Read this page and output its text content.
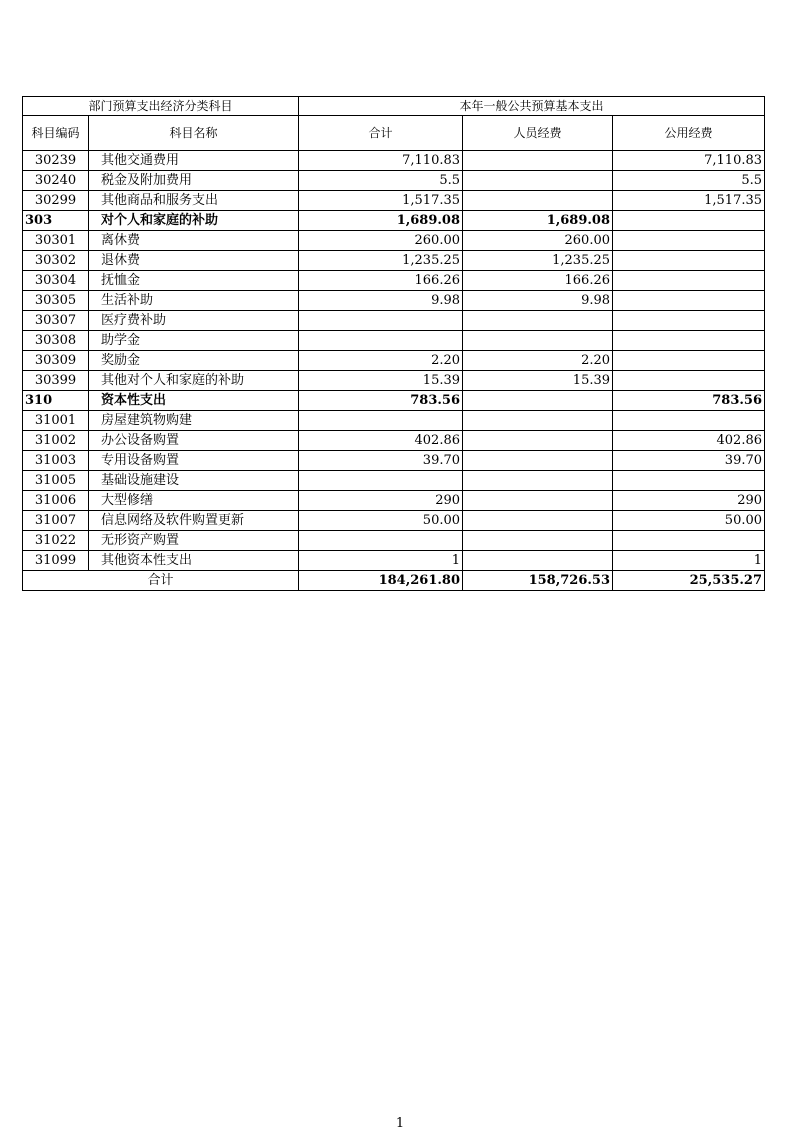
部门预算支出经济分类科目		本年一般公共预算基本支出		
科目编码	科目名称	合计	人员经费	公用经费
30239	其他交通费用	7,110.83		7,110.83
30240	税金及附加费用	5.5		5.5
30299	其他商品和服务支出	1,517.35		1,517.35
303	对个人和家庭的补助	1,689.08	1,689.08	
30301	离休费	260.00	260.00	
30302	退休费	1,235.25	1,235.25	
30304	抚恤金	166.26	166.26	
30305	生活补助	9.98	9.98	
30307	医疗费补助			
30308	助学金			
30309	奖励金	2.20	2.20	
30399	其他对个人和家庭的补助	15.39	15.39	
310	资本性支出	783.56		783.56
31001	房屋建筑物购建			
31002	办公设备购置	402.86		402.86
31003	专用设备购置	39.70		39.70
31005	基础设施建设			
31006	大型修缮	290		290
31007	信息网络及软件购置更新	50.00		50.00
31022	无形资产购置			
31099	其他资本性支出	1		1
合计		184,261.80	158,726.53	25,535.27
1
